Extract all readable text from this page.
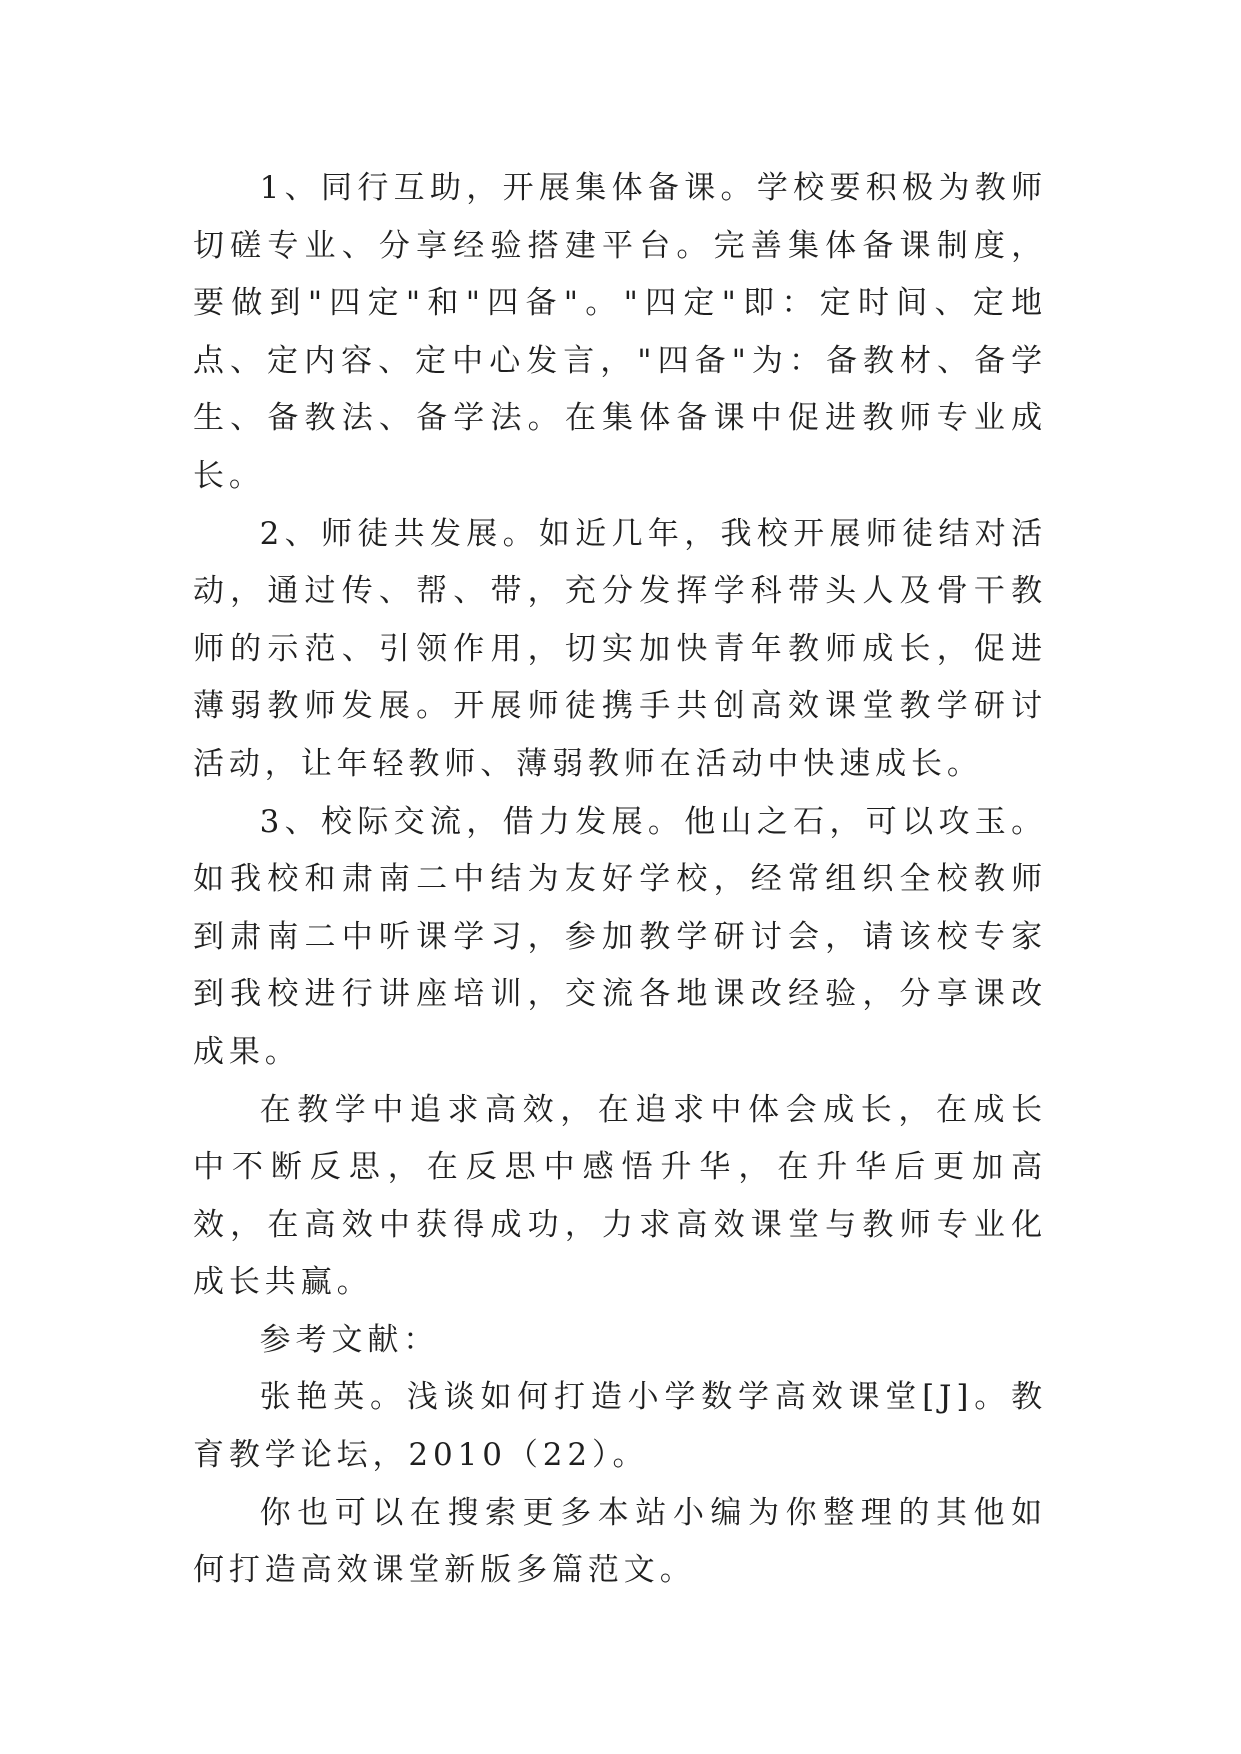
1、同行互助，开展集体备课。学校要积极为教师切磋专业、分享经验搭建平台。完善集体备课制度，要做到"四定"和"四备"。"四定"即：定时间、定地点、定内容、定中心发言，"四备"为：备教材、备学生、备教法、备学法。在集体备课中促进教师专业成长。

2、师徒共发展。如近几年，我校开展师徒结对活动，通过传、帮、带，充分发挥学科带头人及骨干教师的示范、引领作用，切实加快青年教师成长，促进薄弱教师发展。开展师徒携手共创高效课堂教学研讨活动，让年轻教师、薄弱教师在活动中快速成长。

3、校际交流，借力发展。他山之石，可以攻玉。如我校和肃南二中结为友好学校，经常组织全校教师到肃南二中听课学习，参加教学研讨会，请该校专家到我校进行讲座培训，交流各地课改经验，分享课改成果。

在教学中追求高效，在追求中体会成长，在成长中不断反思，在反思中感悟升华，在升华后更加高效，在高效中获得成功，力求高效课堂与教师专业化成长共赢。

参考文献：

张艳英。浅谈如何打造小学数学高效课堂[J]。教育教学论坛，2010（22）。

你也可以在搜索更多本站小编为你整理的其他如何打造高效课堂新版多篇范文。
